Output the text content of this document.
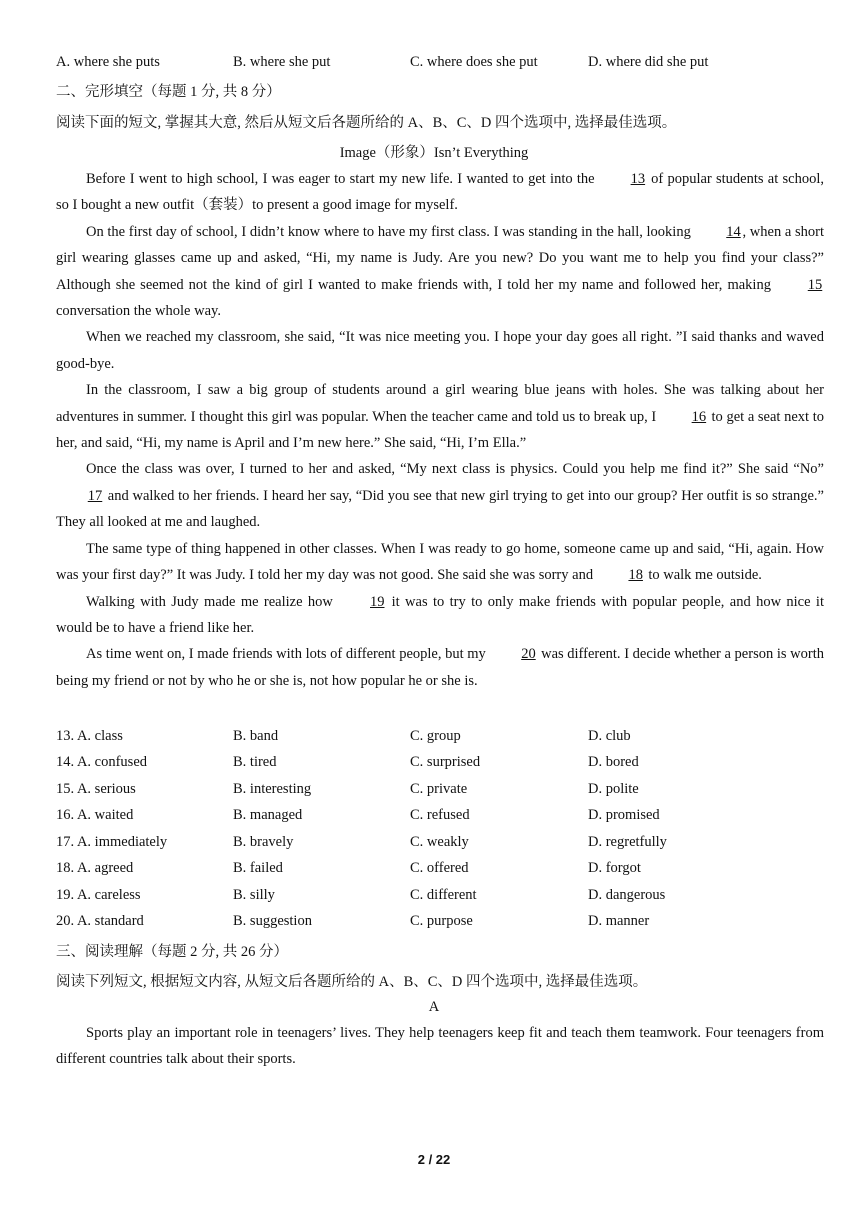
A. where she puts	B. where she put	C. where does she put	D. where did she put
二、完形填空（每题 1 分, 共 8 分）
阅读下面的短文, 掌握其大意, 然后从短文后各题所给的 A、B、C、D 四个选项中, 选择最佳选项。
Image（形象）Isn’t Everything

Before I went to high school, I was eager to start my new life. I wanted to get into the 13 of popular students at school, so I bought a new outfit（套装）to present a good image for myself.

On the first day of school, I didn’t know where to have my first class. I was standing in the hall, looking 14 , when a short girl wearing glasses came up and asked, “Hi, my name is Judy. Are you new? Do you want me to help you find your class?” Although she seemed not the kind of girl I wanted to make friends with, I told her my name and followed her, making 15 conversation the whole way.

When we reached my classroom, she said, “It was nice meeting you. I hope your day goes all right. ”I said thanks and waved good-bye.

In the classroom, I saw a big group of students around a girl wearing blue jeans with holes. She was talking about her adventures in summer. I thought this girl was popular. When the teacher came and told us to break up, I 16 to get a seat next to her, and said, “Hi, my name is April and I’m new here.” She said, “Hi, I’m Ella.”

Once the class was over, I turned to her and asked, “My next class is physics. Could you help me find it?” She said “No” 17 and walked to her friends. I heard her say, “Did you see that new girl trying to get into our group? Her outfit is so strange.” They all looked at me and laughed.

The same type of thing happened in other classes. When I was ready to go home, someone came up and said, “Hi, again. How was your first day?” It was Judy. I told her my day was not good. She said she was sorry and 18 to walk me outside.

Walking with Judy made me realize how 19 it was to try to only make friends with popular people, and how nice it would be to have a friend like her.

As time went on, I made friends with lots of different people, but my 20 was different. I decide whether a person is worth being my friend or not by who he or she is, not how popular he or she is.

13. A. class	B. band	C. group	D. club
14. A. confused	B. tired	C. surprised	D. bored
15. A. serious	B. interesting	C. private	D. polite
16. A. waited	B. managed	C. refused	D. promised
17. A. immediately	B. bravely	C. weakly	D. regretfully
18. A. agreed	B. failed	C. offered	D. forgot
19. A. careless	B. silly	C. different	D. dangerous
20. A. standard	B. suggestion	C. purpose	D. manner
三、阅读理解（每题 2 分, 共 26 分）
阅读下列短文, 根据短文内容, 从短文后各题所给的 A、B、C、D 四个选项中, 选择最佳选项。
A

Sports play an important role in teenagers’ lives. They help teenagers keep fit and teach them teamwork. Four teenagers from different countries talk about their sports.

2 / 22
